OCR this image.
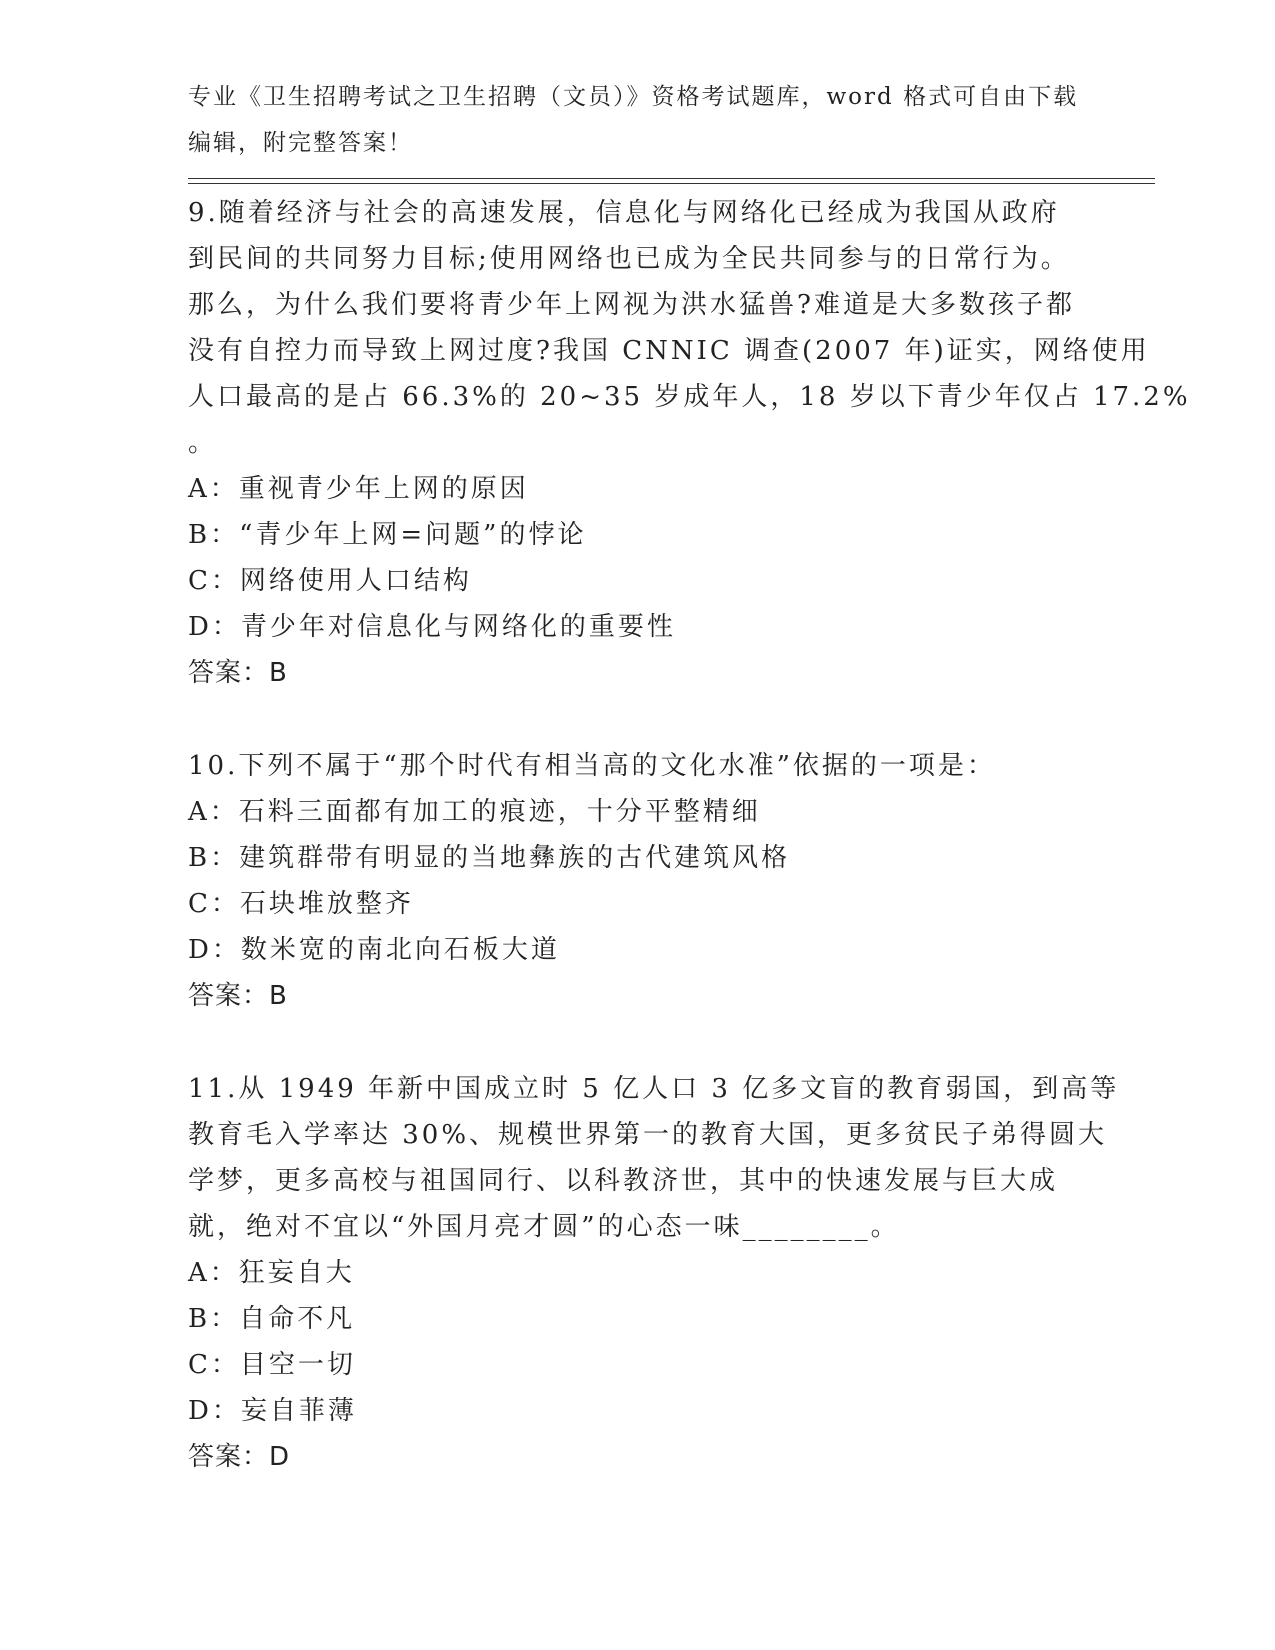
专业《卫生招聘考试之卫生招聘（文员）》资格考试题库，word 格式可自由下载
编辑，附完整答案！
9.随着经济与社会的高速发展，信息化与网络化已经成为我国从政府
到民间的共同努力目标;使用网络也已成为全民共同参与的日常行为。
那么，为什么我们要将青少年上网视为洪水猛兽?难道是大多数孩子都
没有自控力而导致上网过度?我国 CNNIC 调查(2007 年)证实，网络使用
人口最高的是占 66.3%的 20~35 岁成年人，18 岁以下青少年仅占 17.2%
。
A：重视青少年上网的原因
B：“青少年上网=问题”的悖论
C：网络使用人口结构
D：青少年对信息化与网络化的重要性
答案：B
10.下列不属于“那个时代有相当高的文化水准”依据的一项是：
A：石料三面都有加工的痕迹，十分平整精细
B：建筑群带有明显的当地彝族的古代建筑风格
C：石块堆放整齐
D：数米宽的南北向石板大道
答案：B
11.从 1949 年新中国成立时 5 亿人口 3 亿多文盲的教育弱国，到高等
教育毛入学率达 30%、规模世界第一的教育大国，更多贫民子弟得圆大
学梦，更多高校与祖国同行、以科教济世，其中的快速发展与巨大成
就，绝对不宜以“外国月亮才圆”的心态一味________。
A：狂妄自大
B：自命不凡
C：目空一切
D：妄自菲薄
答案：D
